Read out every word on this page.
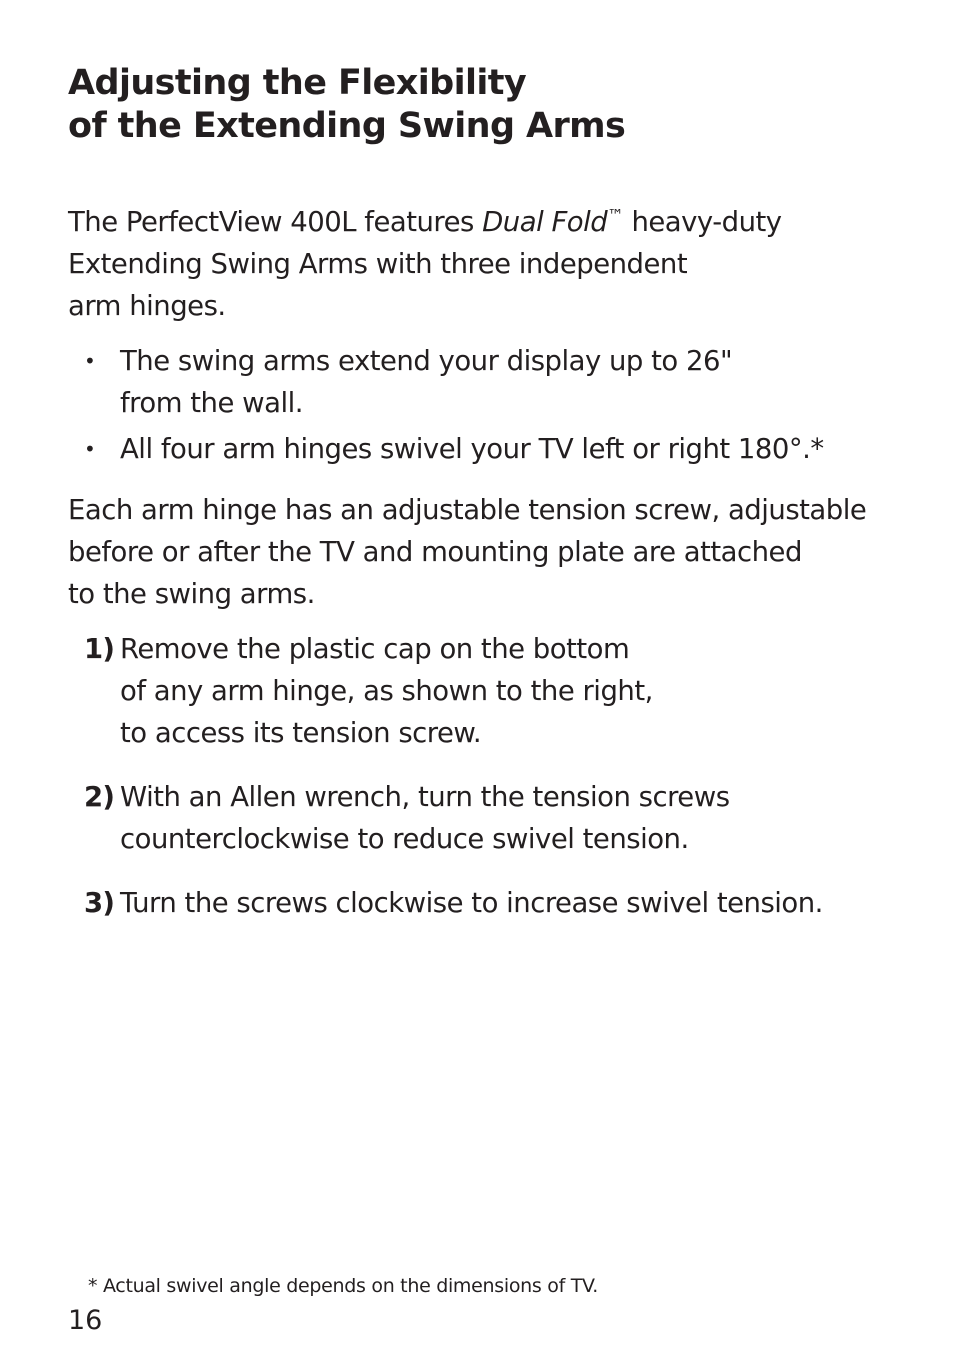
Adjusting the Flexibility
of the Extending Swing Arms
The PerfectView 400L features Dual Fold™ heavy-duty
Extending Swing Arms with three independent
arm hinges.
• The swing arms extend your display up to 26"
from the wall.
• All four arm hinges swivel your TV left or right 180°.*
Each arm hinge has an adjustable tension screw, adjustable
before or after the TV and mounting plate are attached
to the swing arms.
1) Remove the plastic cap on the bottom
of any arm hinge, as shown to the right,
to access its tension screw.
2) With an Allen wrench, turn the tension screws
counterclockwise to reduce swivel tension.
3) Turn the screws clockwise to increase swivel tension.

* Actual swivel angle depends on the dimensions of TV.

16
